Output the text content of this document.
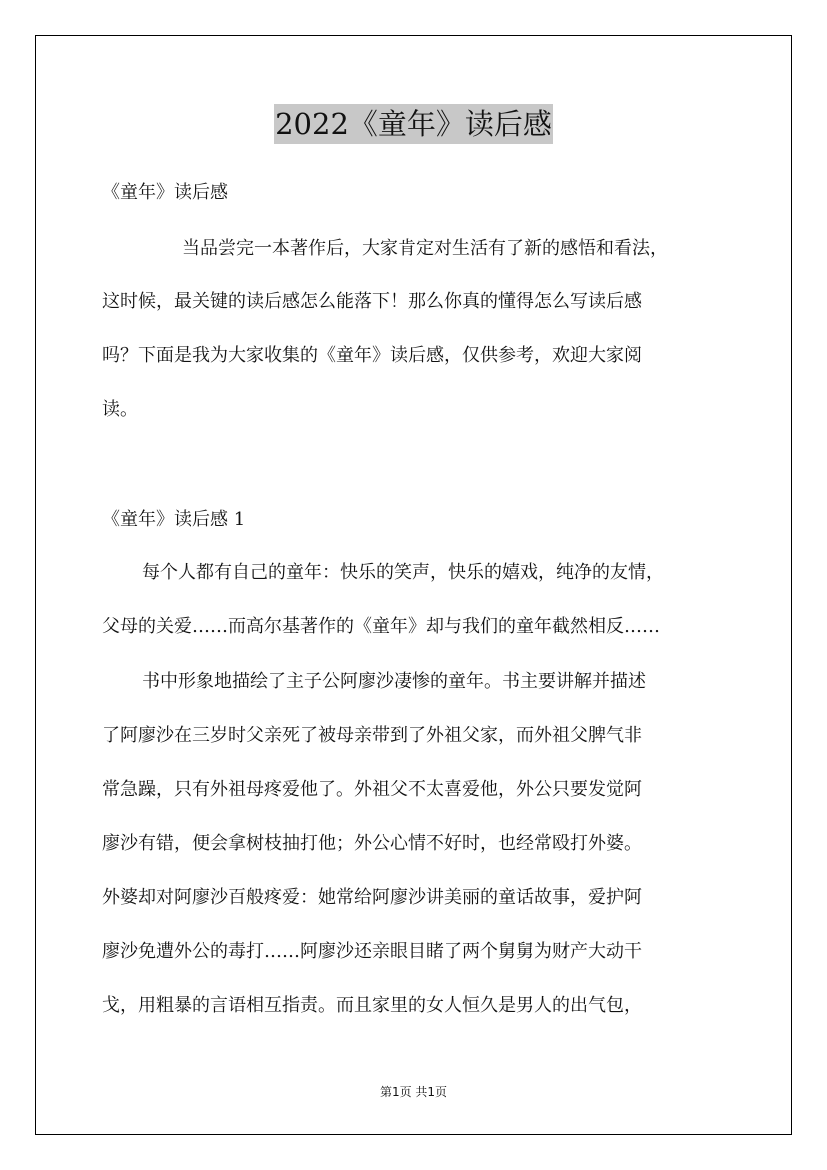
2022《童年》读后感
《童年》读后感
当品尝完一本著作后，大家肯定对生活有了新的感悟和看法，
这时候，最关键的读后感怎么能落下！那么你真的懂得怎么写读后感
吗？下面是我为大家收集的《童年》读后感，仅供参考，欢迎大家阅
读。
《童年》读后感 1
每个人都有自己的童年：快乐的笑声，快乐的嬉戏，纯净的友情，
父母的关爱……而高尔基著作的《童年》却与我们的童年截然相反……
书中形象地描绘了主子公阿廖沙凄惨的童年。书主要讲解并描述
了阿廖沙在三岁时父亲死了被母亲带到了外祖父家，而外祖父脾气非
常急躁，只有外祖母疼爱他了。外祖父不太喜爱他，外公只要发觉阿
廖沙有错，便会拿树枝抽打他；外公心情不好时，也经常殴打外婆。
外婆却对阿廖沙百般疼爱：她常给阿廖沙讲美丽的童话故事，爱护阿
廖沙免遭外公的毒打……阿廖沙还亲眼目睹了两个舅舅为财产大动干
戈，用粗暴的言语相互指责。而且家里的女人恒久是男人的出气包，
第1页 共1页
